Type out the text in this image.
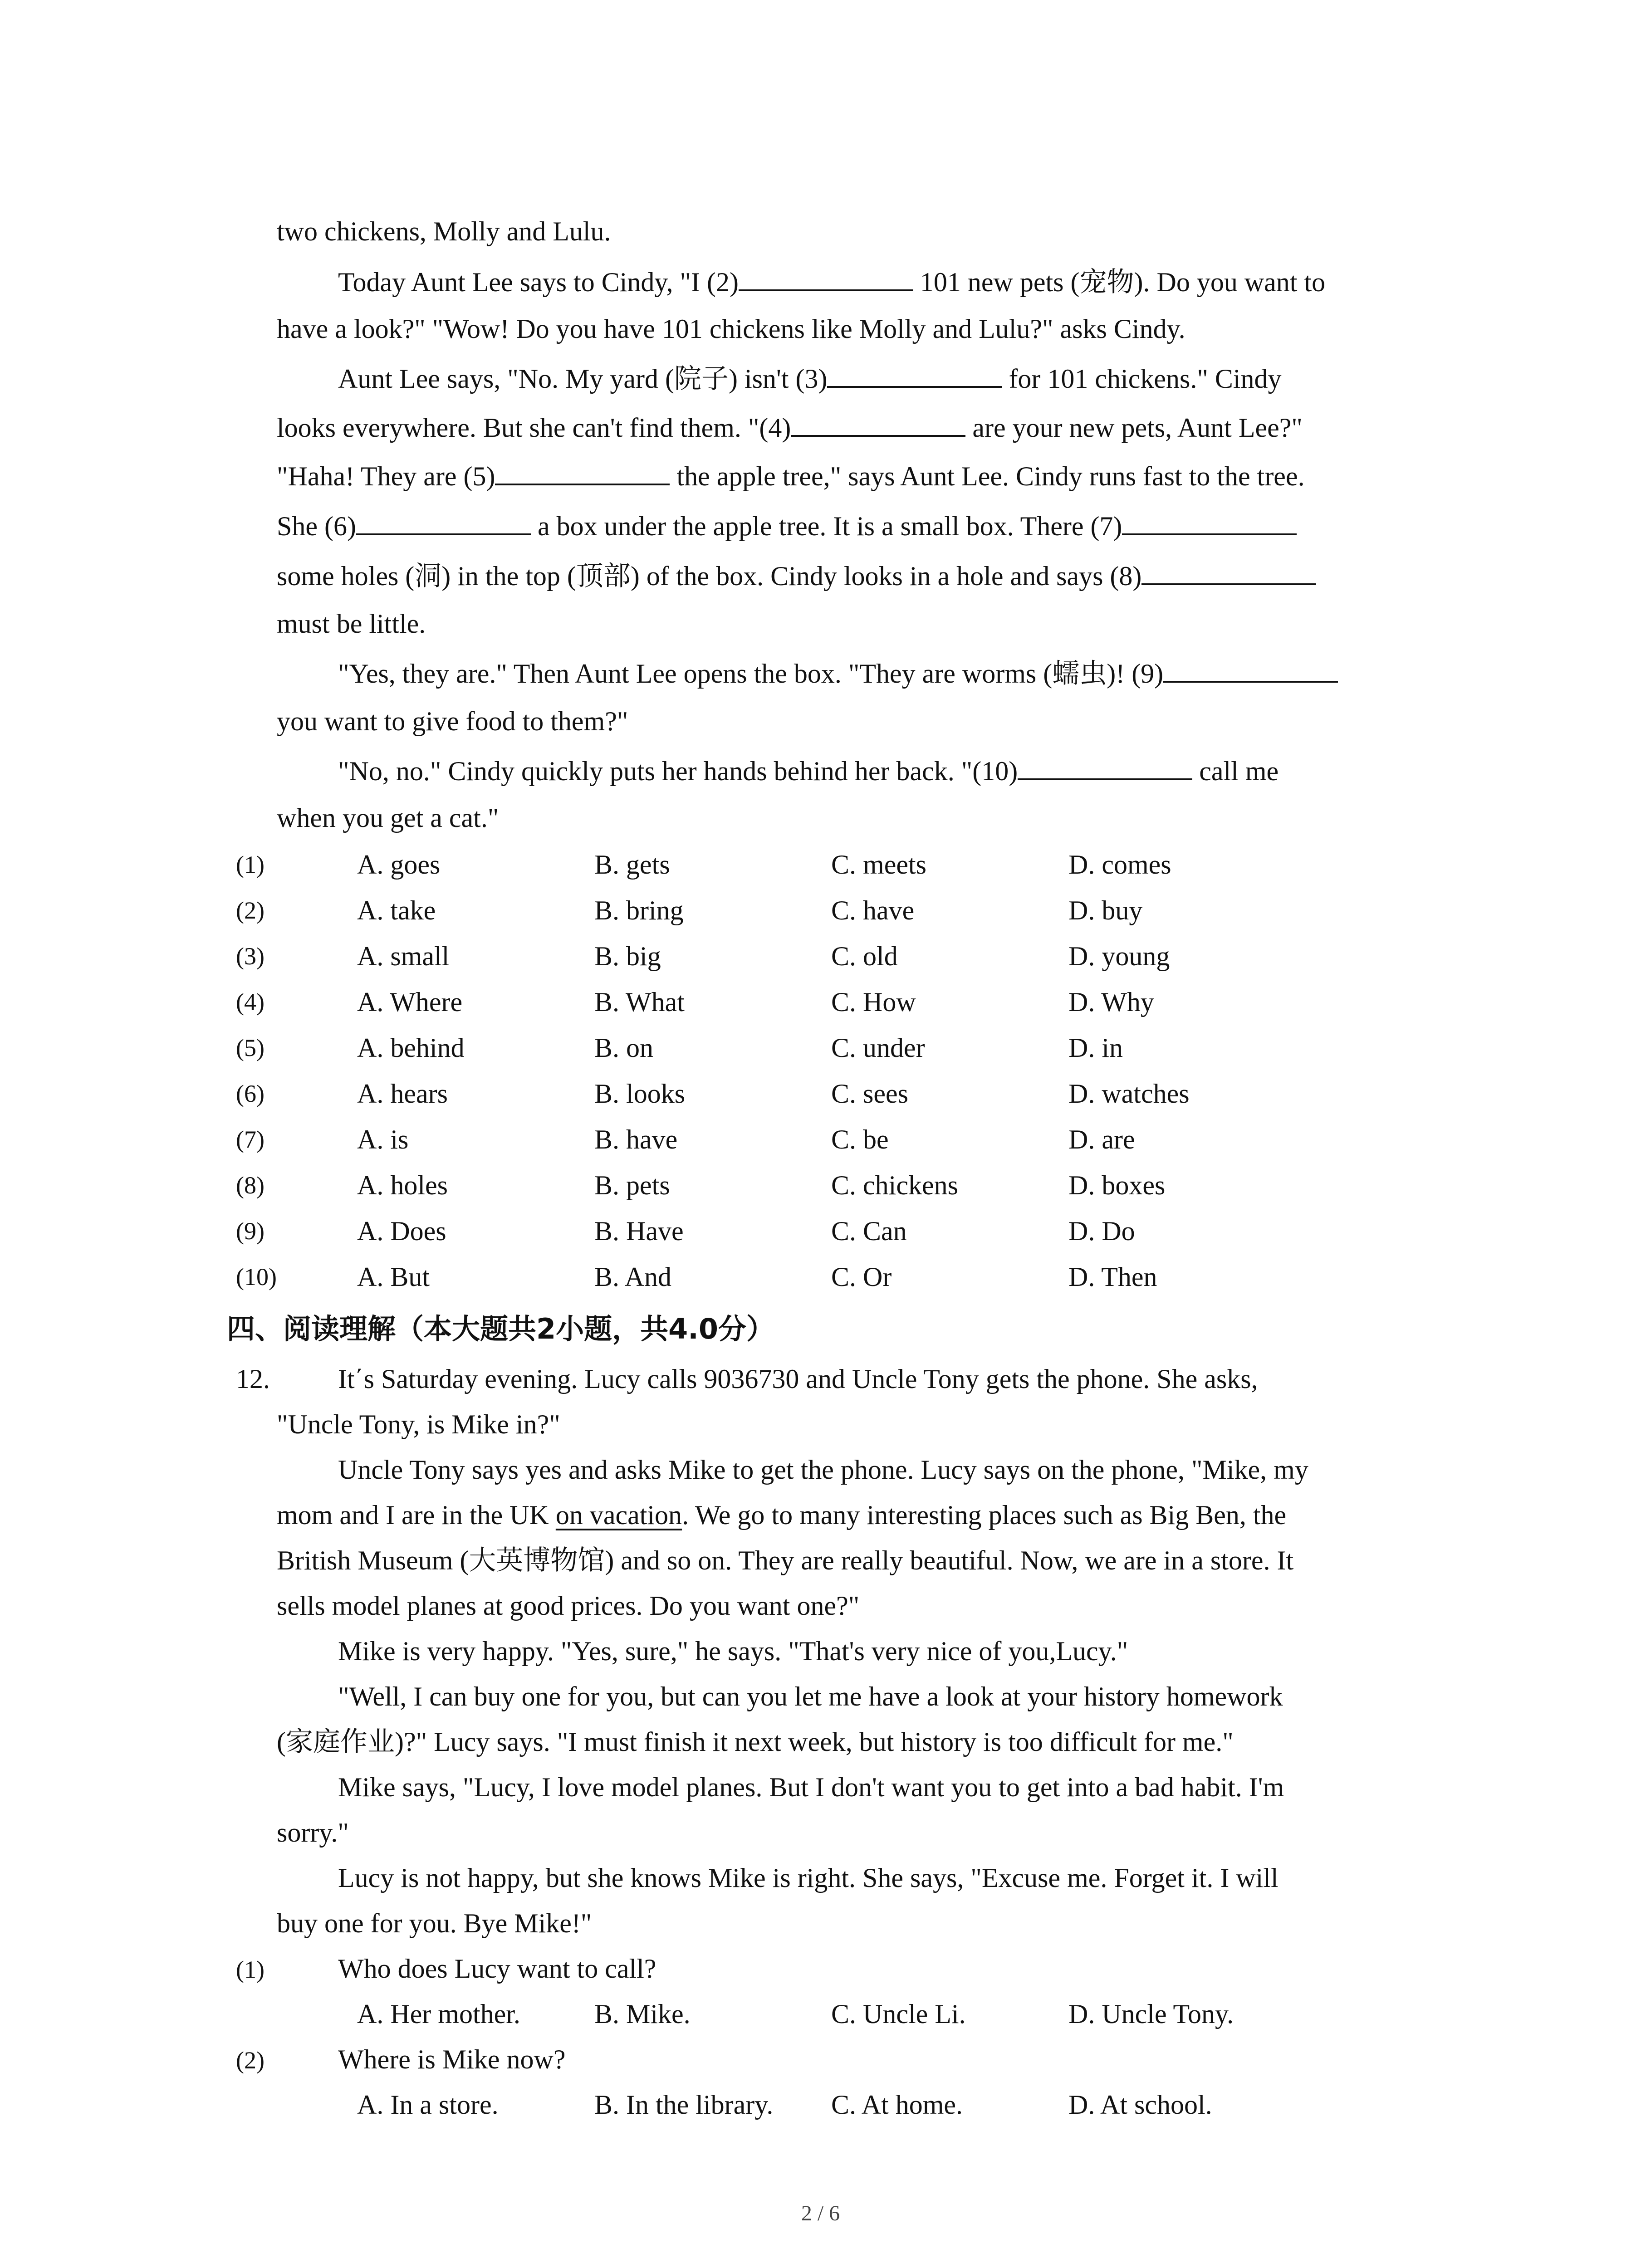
two chickens, Molly and Lulu.
Today Aunt Lee says to Cindy, "I (2)	101 new pets (宠物). Do you want to
have a look?" "Wow! Do you have 101 chickens like Molly and Lulu?" asks Cindy.
Aunt Lee says, "No. My yard (院子) isn't (3)	for 101 chickens." Cindy
looks everywhere. But she can't find them. "(4)	are your new pets, Aunt Lee?"
"Haha! They are (5)	the apple tree," says Aunt Lee. Cindy runs fast to the tree.
She (6)	a box under the apple tree. It is a small box. There (7)
some holes (洞) in the top (顶部) of the box. Cindy looks in a hole and says (8)
must be little.
"Yes, they are." Then Aunt Lee opens the box. "They are worms (蠕虫)! (9)
you want to give food to them?"
"No, no." Cindy quickly puts her hands behind her back. "(10)	call me
when you get a cat."
(1)	A. goes	B. gets	C. meets	D. comes
(2)	A. take	B. bring	C. have	D. buy
(3)	A. small	B. big	C. old	D. young
(4)	A. Where	B. What	C. How	D. Why
(5)	A. behind	B. on	C. under	D. in
(6)	A. hears	B. looks	C. sees	D. watches
(7)	A. is	B. have	C. be	D. are
(8)	A. holes	B. pets	C. chickens	D. boxes
(9)	A. Does	B. Have	C. Can	D. Do
(10)	A. But	B. And	C. Or	D. Then
四、阅读理解（本大题共2小题，共4.0分）
12.	It΄s Saturday evening. Lucy calls 9036730 and Uncle Tony gets the phone. She asks,
"Uncle Tony, is Mike in?"
Uncle Tony says yes and asks Mike to get the phone. Lucy says on the phone, "Mike, my
mom and I are in the UK on vacation. We go to many interesting places such as Big Ben, the
British Museum (大英博物馆) and so on. They are really beautiful. Now, we are in a store. It
sells model planes at good prices. Do you want one?"
Mike is very happy. "Yes, sure," he says. "That's very nice of you,Lucy."
"Well, I can buy one for you, but can you let me have a look at your history homework
(家庭作业)?" Lucy says. "I must finish it next week, but history is too difficult for me."
Mike says, "Lucy, I love model planes. But I don't want you to get into a bad habit. I'm
sorry."
Lucy is not happy, but she knows Mike is right. She says, "Excuse me. Forget it. I will
buy one for you. Bye Mike!"
(1)	Who does Lucy want to call?
A. Her mother.	B. Mike.	C. Uncle Li.	D. Uncle Tony.
(2)	Where is Mike now?
A. In a store.	B. In the library. C. At home.	D. At school.
2 / 6
